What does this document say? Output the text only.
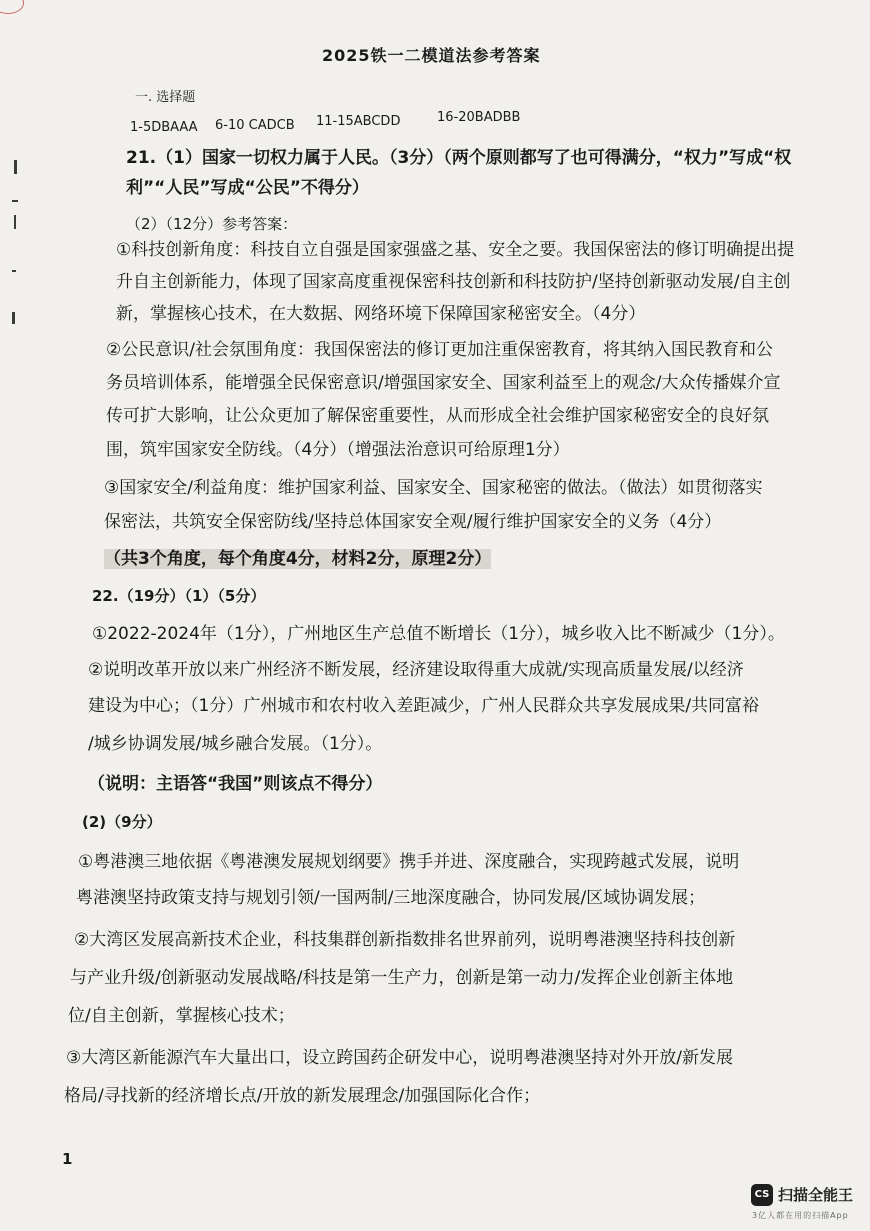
2025铁一二模道法参考答案
一. 选择题
1-5DBAAA 6-10 CADCB 11-15ABCDD	16-20BADBB
21.（1）国家一切权力属于人民。（3分）（两个原则都写了也可得满分，“权力”写成“权
利”“人民”写成“公民”不得分）
（2）（12分）参考答案：
①科技创新角度：科技自立自强是国家强盛之基、安全之要。我国保密法的修订明确提出提
升自主创新能力，体现了国家高度重视保密科技创新和科技防护/坚持创新驱动发展/自主创
新，掌握核心技术，在大数据、网络环境下保障国家秘密安全。（4分）
②公民意识/社会氛围角度：我国保密法的修订更加注重保密教育，将其纳入国民教育和公
务员培训体系，能增强全民保密意识/增强国家安全、国家利益至上的观念/大众传播媒介宣
传可扩大影响，让公众更加了解保密重要性，从而形成全社会维护国家秘密安全的良好氛
围，筑牢国家安全防线。（4分）（增强法治意识可给原理1分）
③国家安全/利益角度：维护国家利益、国家安全、国家秘密的做法。（做法）如贯彻落实
保密法，共筑安全保密防线/坚持总体国家安全观/履行维护国家安全的义务（4分）
（共3个角度，每个角度4分，材料2分，原理2分）
22.（19分）（1）（5分）
①2022-2024年（1分），广州地区生产总值不断增长（1分），城乡收入比不断减少（1分）。
②说明改革开放以来广州经济不断发展，经济建设取得重大成就/实现高质量发展/以经济
建设为中心；（1分）广州城市和农村收入差距减少，广州人民群众共享发展成果/共同富裕
/城乡协调发展/城乡融合发展。（1分）。
（说明：主语答“我国”则该点不得分）
(2)（9分）
①粤港澳三地依据《粤港澳发展规划纲要》携手并进、深度融合，实现跨越式发展，说明
粤港澳坚持政策支持与规划引领/一国两制/三地深度融合，协同发展/区域协调发展；
②大湾区发展高新技术企业，科技集群创新指数排名世界前列，说明粤港澳坚持科技创新
与产业升级/创新驱动发展战略/科技是第一生产力，创新是第一动力/发挥企业创新主体地
位/自主创新，掌握核心技术；
③大湾区新能源汽车大量出口，设立跨国药企研发中心，说明粤港澳坚持对外开放/新发展
格局/寻找新的经济增长点/开放的新发展理念/加强国际化合作；
1
CS 扫描全能王
3亿人都在用的扫描App
